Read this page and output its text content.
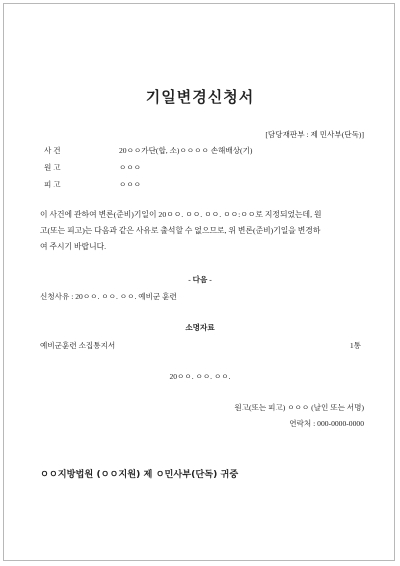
기일변경신청서
[담당재판부 : 제 민사부(단독)]
사 건	20ㅇㅇ가단(합, 소)ㅇㅇㅇㅇ 손해배상(기)
원 고	ㅇㅇㅇ
피 고	ㅇㅇㅇ
이 사건에 관하여 변론(준비)기일이 20ㅇㅇ. ㅇㅇ. ㅇㅇ. ㅇㅇ:ㅇㅇ로 지정되었는데, 원
고(또는 피고)는 다음과 같은 사유로 출석할 수 없으므로, 위 변론(준비)기일을 변경하
여 주시기 바랍니다.
- 다음 -
신청사유 : 20ㅇㅇ. ㅇㅇ. ㅇㅇ. 예비군 훈련
소명자료
예비군훈련 소집통지서	1통
20ㅇㅇ. ㅇㅇ. ㅇㅇ.
원고(또는 피고) ㅇㅇㅇ (날인 또는 서명)
연락처 : 000-0000-0000
ㅇㅇ지방법원 (ㅇㅇ지원) 제 ㅇ민사부(단독) 귀중
